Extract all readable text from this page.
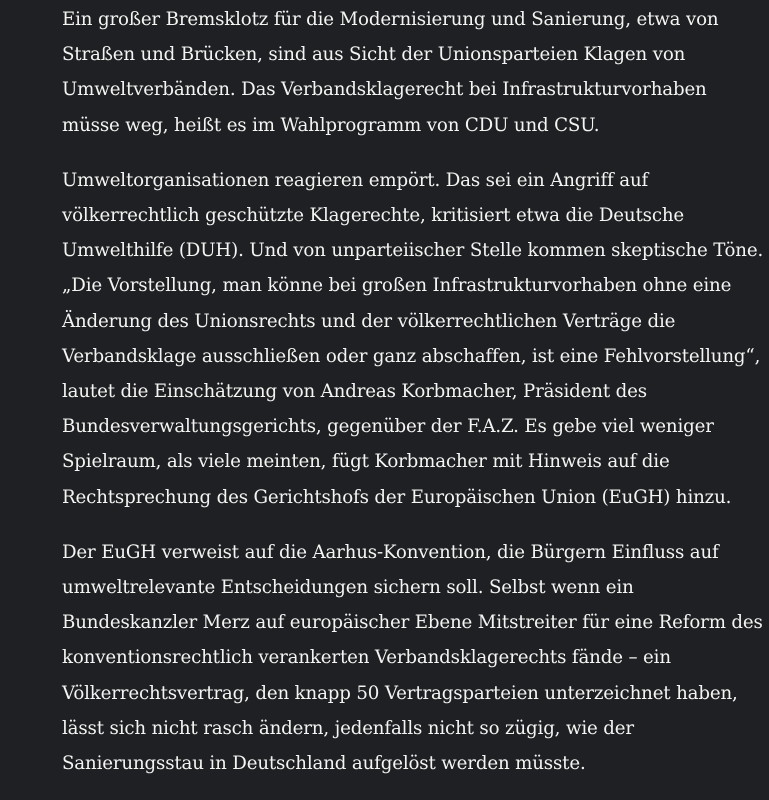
Ein großer Bremsklotz für die Modernisierung und Sanierung, etwa von
Straßen und Brücken, sind aus Sicht der Unionsparteien Klagen von
Umweltverbänden. Das Verbandsklagerecht bei Infrastrukturvorhaben
müsse weg, heißt es im Wahlprogramm von CDU und CSU.

Umweltorganisationen reagieren empört. Das sei ein Angriff auf
völkerrechtlich geschützte Klagerechte, kritisiert etwa die Deutsche
Umwelthilfe (DUH). Und von unparteiischer Stelle kommen skeptische Töne.
„Die Vorstellung, man könne bei großen Infrastrukturvorhaben ohne eine
Änderung des Unionsrechts und der völkerrechtlichen Verträge die
Verbandsklage ausschließen oder ganz abschaffen, ist eine Fehlvorstellung“,
lautet die Einschätzung von Andreas Korbmacher, Präsident des
Bundesverwaltungsgerichts, gegenüber der F.A.Z. Es gebe viel weniger
Spielraum, als viele meinten, fügt Korbmacher mit Hinweis auf die
Rechtsprechung des Gerichtshofs der Europäischen Union (EuGH) hinzu.

Der EuGH verweist auf die Aarhus-Konvention, die Bürgern Einfluss auf
umweltrelevante Entscheidungen sichern soll. Selbst wenn ein
Bundeskanzler Merz auf europäischer Ebene Mitstreiter für eine Reform des
konventionsrechtlich verankerten Verbandsklagerechts fände – ein
Völkerrechtsvertrag, den knapp 50 Vertragsparteien unterzeichnet haben,
lässt sich nicht rasch ändern, jedenfalls nicht so zügig, wie der
Sanierungsstau in Deutschland aufgelöst werden müsste.
